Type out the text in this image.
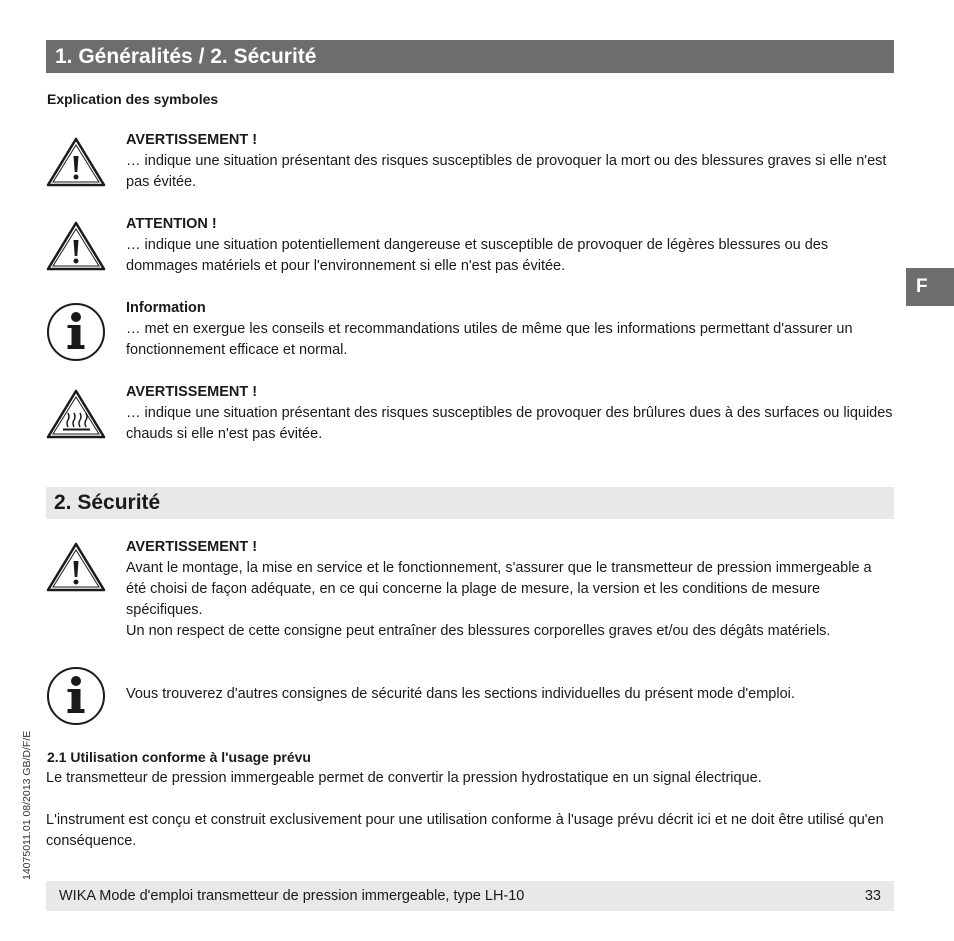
1. Généralités / 2. Sécurité
Explication des symboles
AVERTISSEMENT !
… indique une situation présentant des risques susceptibles de provoquer la mort ou des blessures graves si elle n'est pas évitée.
ATTENTION !
… indique une situation potentiellement dangereuse et susceptible de provoquer de légères blessures ou des dommages matériels et pour l'environnement si elle n'est pas évitée.
Information
… met en exergue les conseils et recommandations utiles de même que les informations permettant d'assurer un fonctionnement efficace et normal.
AVERTISSEMENT !
… indique une situation présentant des risques susceptibles de provoquer des brûlures dues à des surfaces ou liquides chauds si elle n'est pas évitée.
F
2. Sécurité
AVERTISSEMENT !
Avant le montage, la mise en service et le fonctionnement, s'assurer que le transmetteur de pression immergeable a été choisi de façon adéquate, en ce qui concerne la plage de mesure, la version et les conditions de mesure spécifiques.
Un non respect de cette consigne peut entraîner des blessures corporelles graves et/ou des dégâts matériels.
Vous trouverez d'autres consignes de sécurité dans les sections individuelles du présent mode d'emploi.
2.1 Utilisation conforme à l'usage prévu
Le transmetteur de pression immergeable permet de convertir la pression hydrostatique en un signal électrique.
L'instrument est conçu et construit exclusivement pour une utilisation conforme à l'usage prévu décrit ici et ne doit être utilisé qu'en conséquence.
14075011.01 08/2013 GB/D/F/E
WIKA Mode d'emploi transmetteur de pression immergeable, type LH-10	33
